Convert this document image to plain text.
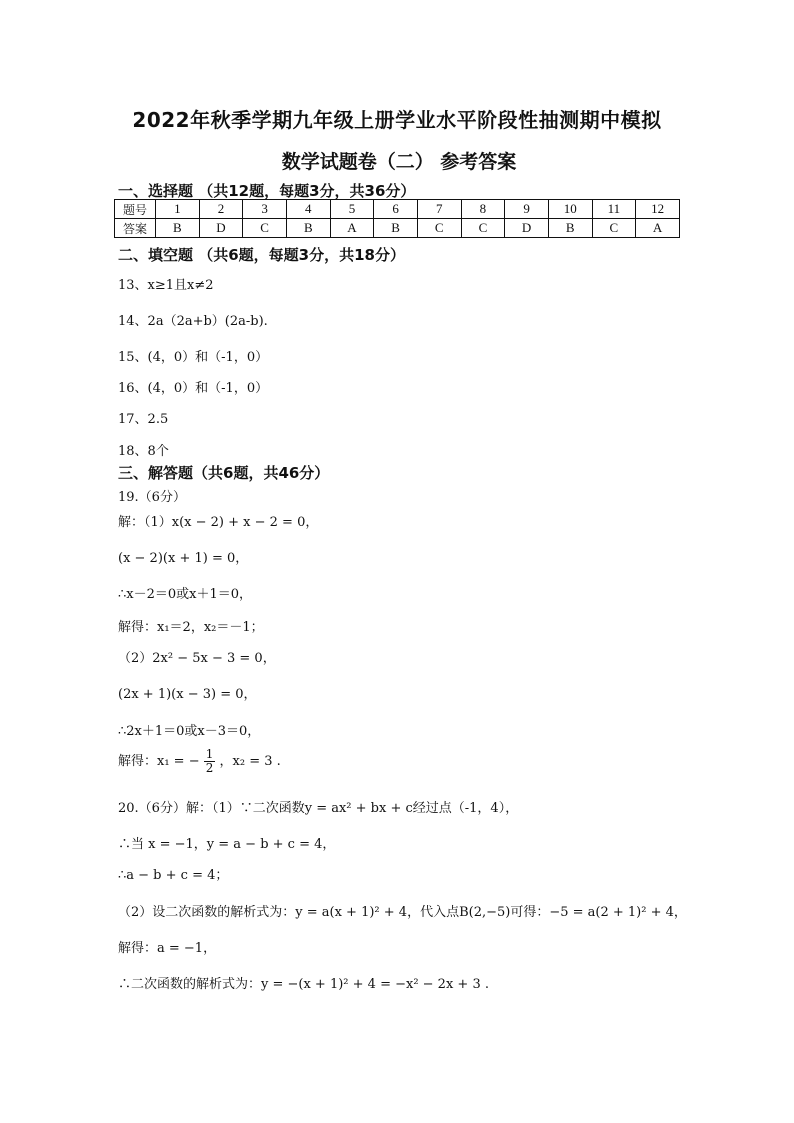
2022年秋季学期九年级上册学业水平阶段性抽测期中模拟
数学试题卷（二） 参考答案
一、选择题 （共12题，每题3分，共36分）
题号	1	2	3	4	5	6	7	8	9	10	11	12
答案	B	D	C	B	A	B	C	C	D	B	C	A
二、填空题 （共6题，每题3分，共18分）
13、x≥1且x≠2
14、2a（2a+b）(2a-b).
15、(4，0）和（-1，0）
16、(4，0）和（-1，0）
17、2.5
18、8个
三、解答题（共6题，共46分）
19.（6分）
解：（1）x(x − 2) + x − 2 = 0，
(x − 2)(x + 1) = 0，
∴x－2＝0或x＋1＝0，
解得：x₁＝2，x₂＝－1；
（2）2x² − 5x − 3 = 0，
(2x + 1)(x − 3) = 0，
∴2x＋1＝0或x－3＝0，
解得：x₁ = − $\frac{1}{2}$ ，x₂ = 3 .
20.（6分）解：（1）∵二次函数y = ax² + bx + c经过点（-1，4），
∴当 x = −1，y = a − b + c = 4，
∴a − b + c = 4；
（2）设二次函数的解析式为：y = a(x + 1)² + 4，代入点B(2,−5)可得：−5 = a(2 + 1)² + 4，
解得：a = −1，
∴二次函数的解析式为：y = −(x + 1)² + 4 = −x² − 2x + 3 .
